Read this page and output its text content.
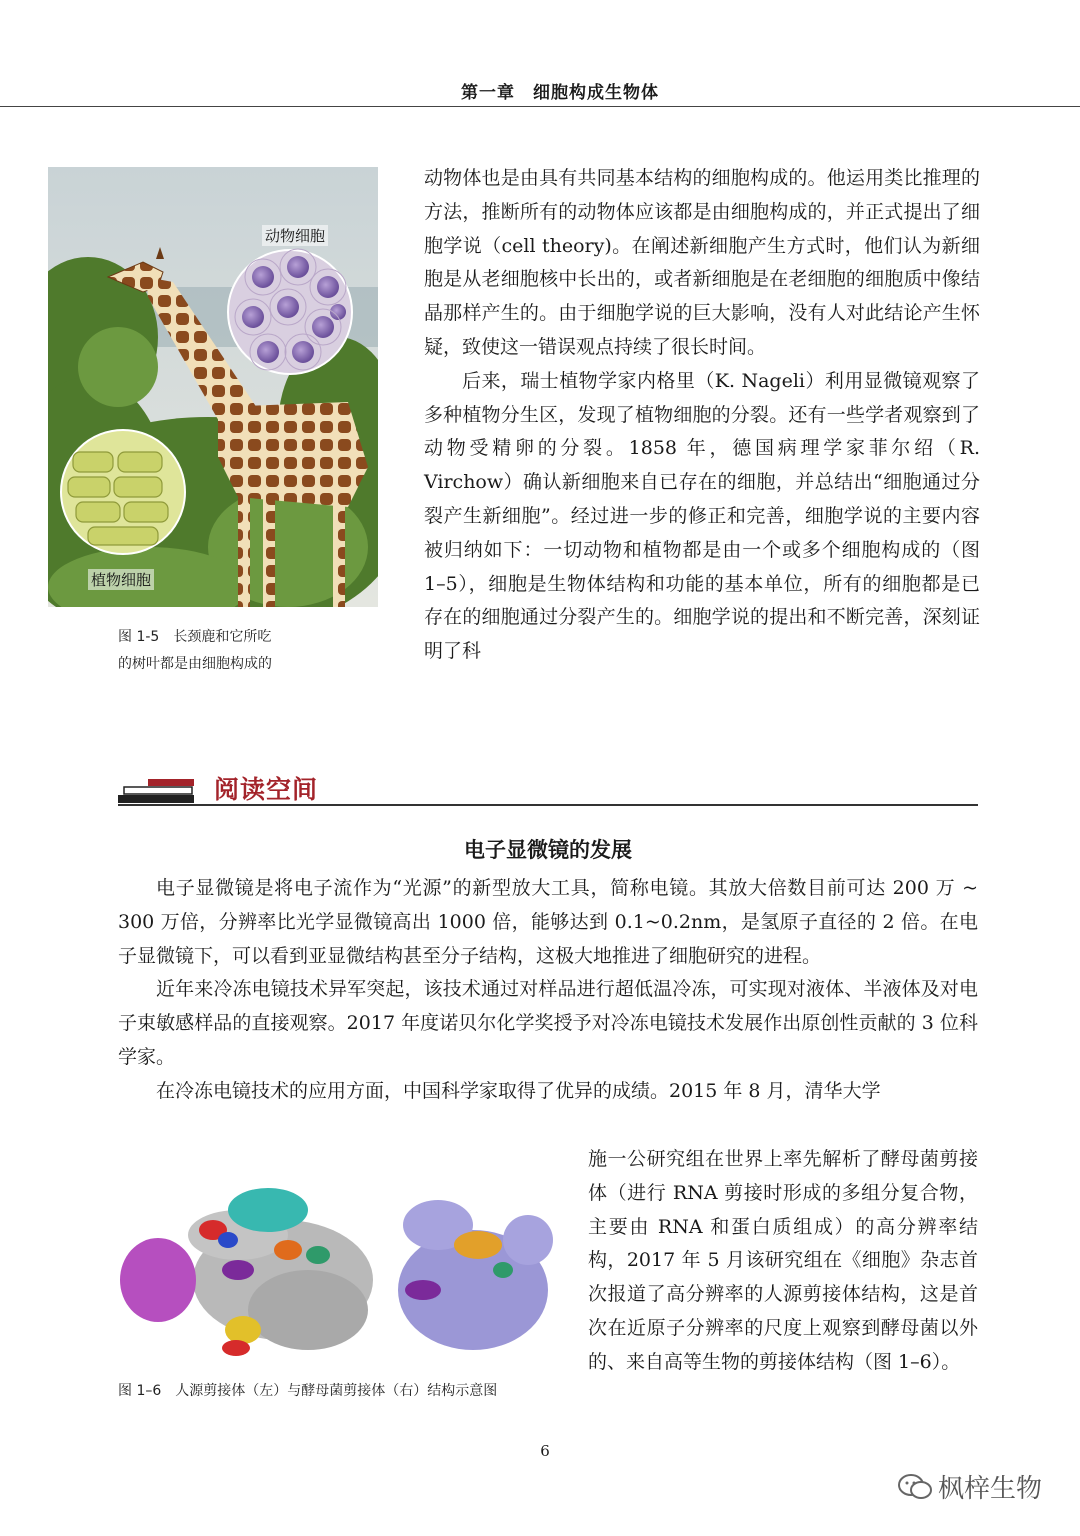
第一章　细胞构成生物体
动物细胞
植物细胞
图 1-5　长颈鹿和它所吃
的树叶都是由细胞构成的

动物体也是由具有共同基本结构的细胞构成的。他运用类比推理的方法，推断所有的动物体应该都是由细胞构成的，并正式提出了细胞学说（cell theory)。在阐述新细胞产生方式时，他们认为新细胞是从老细胞核中长出的，或者新细胞是在老细胞的细胞质中像结晶那样产生的。由于细胞学说的巨大影响，没有人对此结论产生怀疑，致使这一错误观点持续了很长时间。

后来，瑞士植物学家内格里（K. Nageli）利用显微镜观察了多种植物分生区，发现了植物细胞的分裂。还有一些学者观察到了动物受精卵的分裂。1858 年，德国病理学家菲尔绍（R. Virchow）确认新细胞来自已存在的细胞，并总结出“细胞通过分裂产生新细胞”。经过进一步的修正和完善，细胞学说的主要内容被归纳如下：一切动物和植物都是由一个或多个细胞构成的（图 1–5），细胞是生物体结构和功能的基本单位，所有的细胞都是已存在的细胞通过分裂产生的。细胞学说的提出和不断完善，深刻证明了科

阅读空间
电子显微镜的发展

电子显微镜是将电子流作为“光源”的新型放大工具，简称电镜。其放大倍数目前可达 200 万 ~ 300 万倍，分辨率比光学显微镜高出 1000 倍，能够达到 0.1~0.2nm，是氢原子直径的 2 倍。在电子显微镜下，可以看到亚显微结构甚至分子结构，这极大地推进了细胞研究的进程。

近年来冷冻电镜技术异军突起，该技术通过对样品进行超低温冷冻，可实现对液体、半液体及对电子束敏感样品的直接观察。2017 年度诺贝尔化学奖授予对冷冻电镜技术发展作出原创性贡献的 3 位科学家。

在冷冻电镜技术的应用方面，中国科学家取得了优异的成绩。2015 年 8 月，清华大学

施一公研究组在世界上率先解析了酵母菌剪接体（进行 RNA 剪接时形成的多组分复合物，主要由 RNA 和蛋白质组成）的高分辨率结构，2017 年 5 月该研究组在《细胞》杂志首次报道了高分辨率的人源剪接体结构，这是首次在近原子分辨率的尺度上观察到酵母菌以外的、来自高等生物的剪接体结构（图 1–6）。

图 1–6　人源剪接体（左）与酵母菌剪接体（右）结构示意图
6
枫梓生物
